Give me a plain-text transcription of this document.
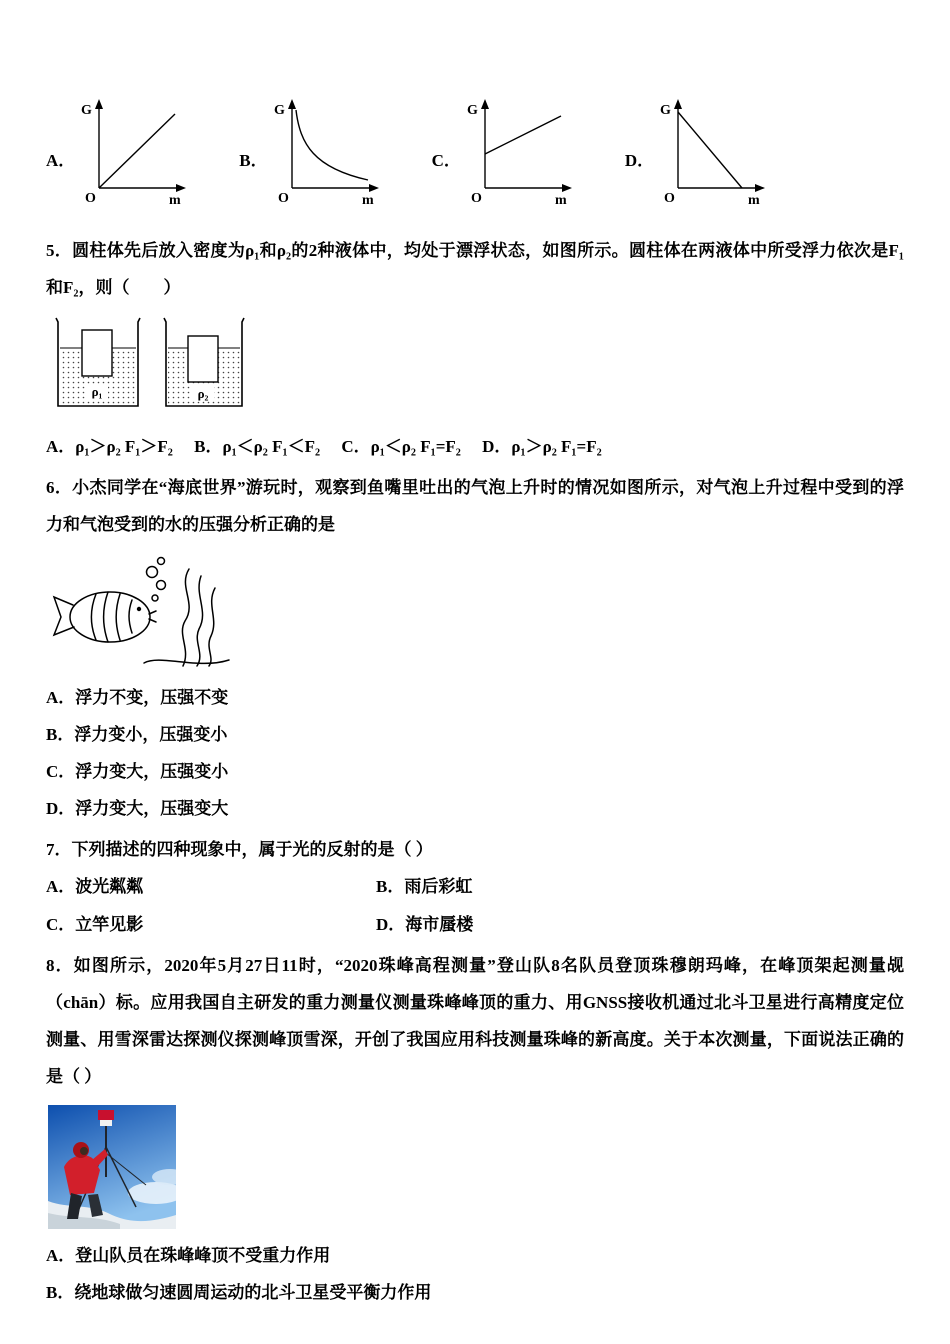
A．
G
O	m
B．
G
O	m
C．
G
O	m
D．
G
O	m

5．圆柱体先后放入密度为ρ₁和ρ₂的2种液体中，均处于漂浮状态，如图所示。圆柱体在两液体中所受浮力依次是F₁和F₂，则（　　）

ρ₁	ρ₂

A．ρ₁＞ρ₂ F₁＞F₂　 B．ρ₁＜ρ₂ F₁＜F₂　 C．ρ₁＜ρ₂ F₁=F₂　 D．ρ₁＞ρ₂ F₁=F₂

6．小杰同学在“海底世界”游玩时，观察到鱼嘴里吐出的气泡上升时的情况如图所示，对气泡上升过程中受到的浮力和气泡受到的水的压强分析正确的是

A．浮力不变，压强不变

B．浮力变小，压强变小

C．浮力变大，压强变小

D．浮力变大，压强变大

7．下列描述的四种现象中，属于光的反射的是（ ）

A．波光粼粼	B．雨后彩虹

C．立竿见影	D．海市蜃楼

8．如图所示，2020年5月27日11时，“2020珠峰高程测量”登山队8名队员登顶珠穆朗玛峰，在峰顶架起测量觇（chān）标。应用我国自主研发的重力测量仪测量珠峰峰顶的重力、用GNSS接收机通过北斗卫星进行高精度定位测量、用雪深雷达探测仪探测峰顶雪深，开创了我国应用科技测量珠峰的新高度。关于本次测量，下面说法正确的是（ ）

A．登山队员在珠峰峰顶不受重力作用

B．绕地球做匀速圆周运动的北斗卫星受平衡力作用
